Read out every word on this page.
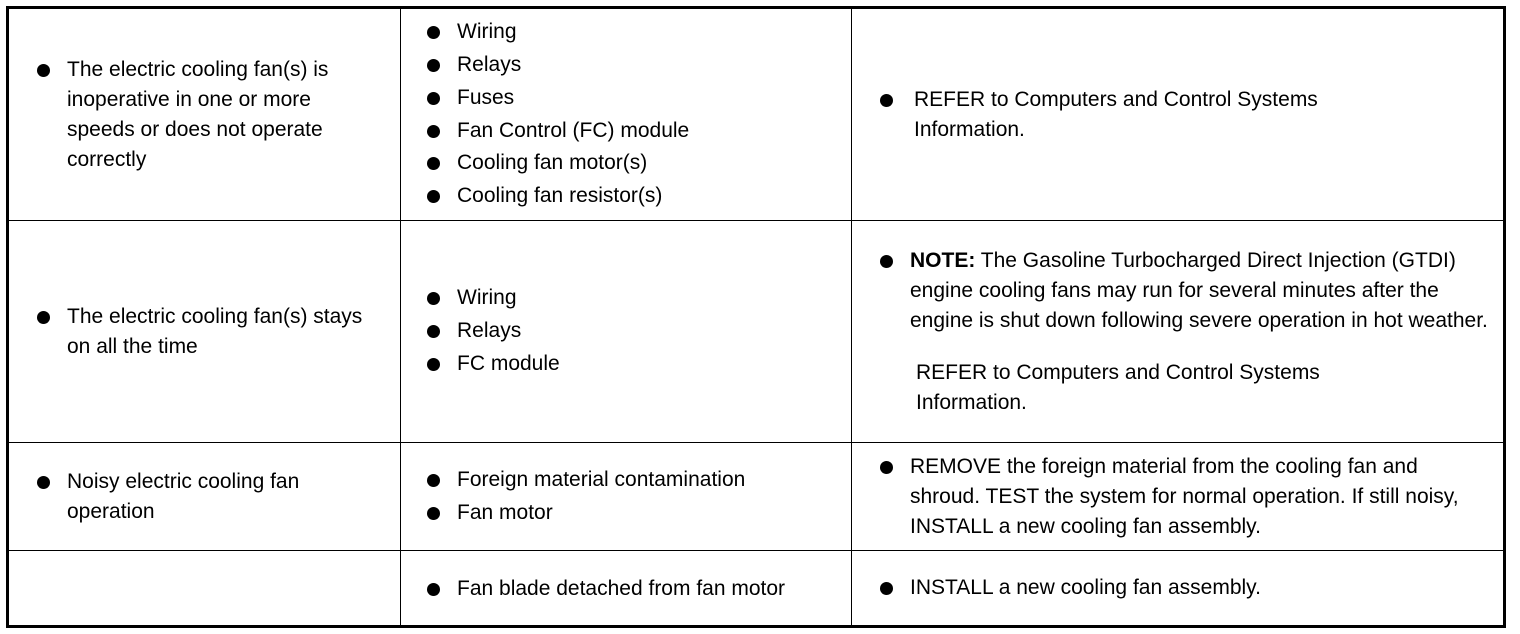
The electric cooling fan(s) is inoperative in one or more speeds or does not operate correctly
Wiring
Relays
Fuses
Fan Control (FC) module
Cooling fan motor(s)
Cooling fan resistor(s)
REFER to Computers and Control Systems Information.
The electric cooling fan(s) stays on all the time
Wiring
Relays
FC module
NOTE: The Gasoline Turbocharged Direct Injection (GTDI) engine cooling fans may run for several minutes after the engine is shut down following severe operation in hot weather.
REFER to Computers and Control Systems Information.
Noisy electric cooling fan operation
Foreign material contamination
Fan motor
REMOVE the foreign material from the cooling fan and shroud. TEST the system for normal operation. If still noisy, INSTALL a new cooling fan assembly.
Fan blade detached from fan motor	INSTALL a new cooling fan assembly.
